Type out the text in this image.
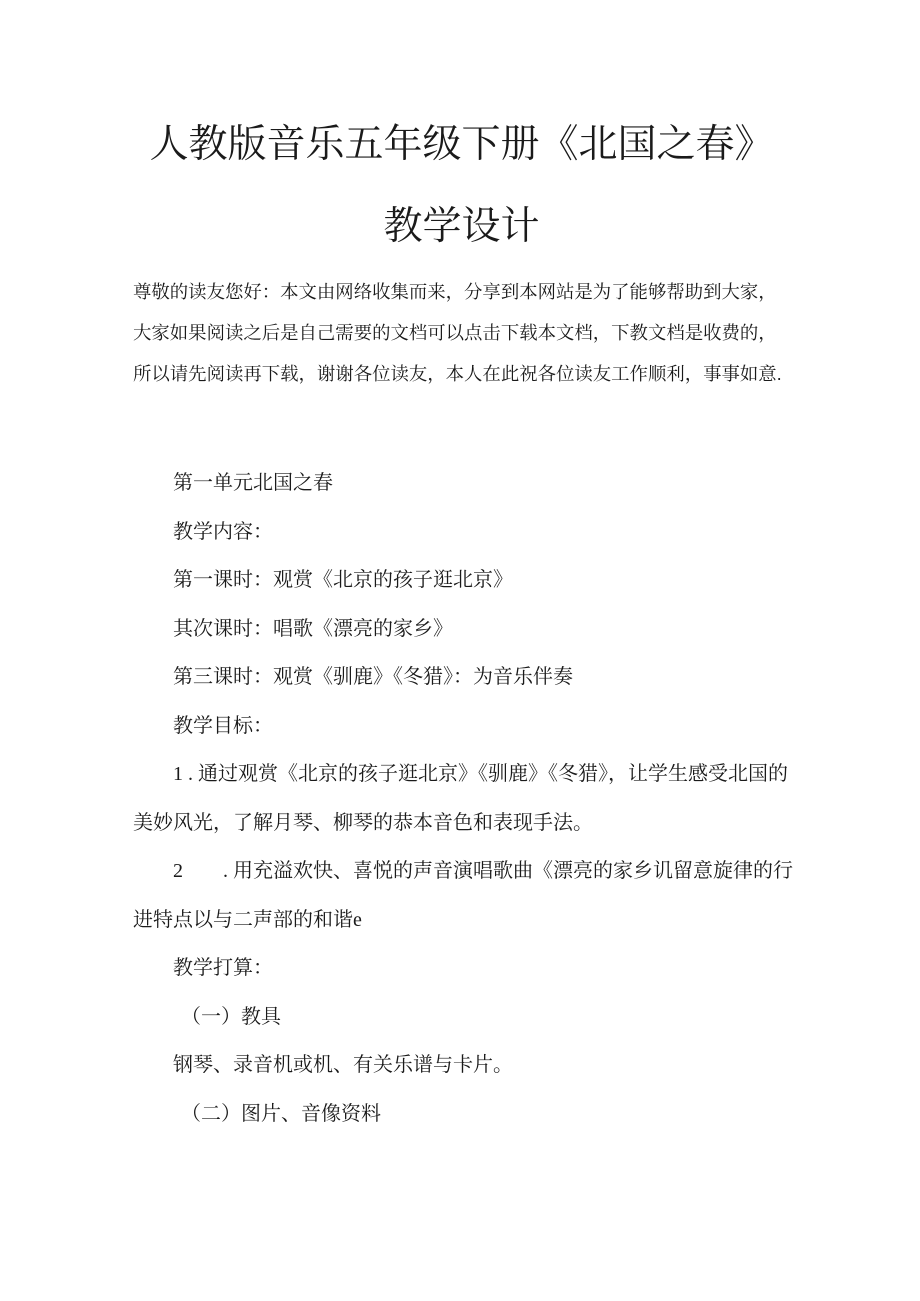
人教版音乐五年级下册《北国之春》
教学设计
尊敬的读友您好：本文由网络收集而来，分享到本网站是为了能够帮助到大家，
大家如果阅读之后是自己需要的文档可以点击下载本文档，下教文档是收费的，
所以请先阅读再下载，谢谢各位读友，本人在此祝各位读友工作顺利，事事如意.

第一单元北国之春

教学内容：

第一课时：观赏《北京的孩子逛北京》

其次课时：唱歌《漂亮的家乡》

第三课时：观赏《驯鹿》《冬猎》：为音乐伴奏

教学目标：

1 . 通过观赏《北京的孩子逛北京》《驯鹿》《冬猎》，让学生感受北国的

美妙风光，了解月琴、柳琴的恭本音色和表现手法。

2　　. 用充溢欢快、喜悦的声音演唱歌曲《漂亮的家乡讥留意旋律的行

进特点以与二声部的和谐e

教学打算：

（一）教具

钢琴、录音机或机、有关乐谱与卡片。

（二）图片、音像资料
